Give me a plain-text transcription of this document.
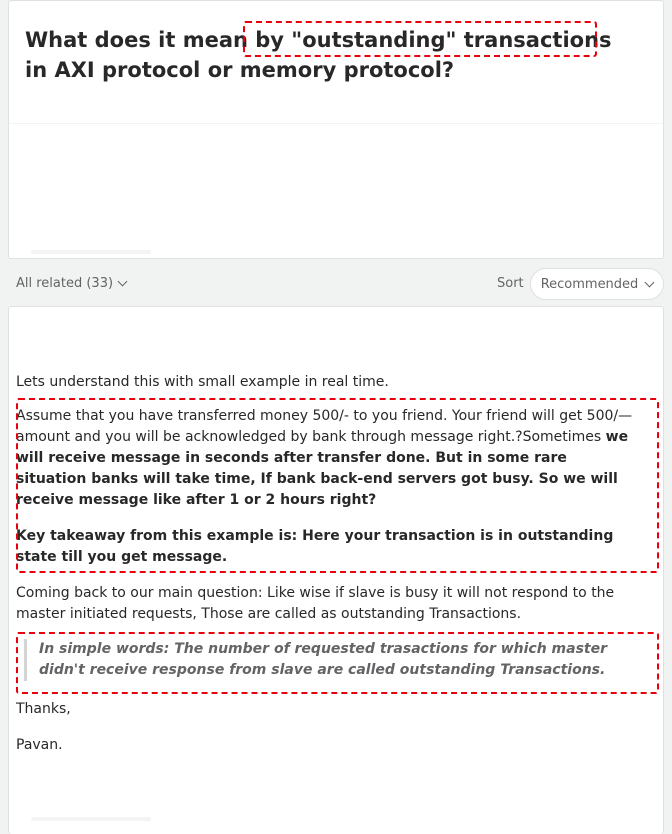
What does it mean by "outstanding" transactions in AXI protocol or memory protocol?
All related (33)	Sort Recommended

Lets understand this with small example in real time.

Assume that you have transferred money 500/- to you friend. Your friend will get 500/— amount and you will be acknowledged by bank through message right.?Sometimes we will receive message in seconds after transfer done. But in some rare situation banks will take time, If bank back-end servers got busy. So we will receive message like after 1 or 2 hours right?

Key takeaway from this example is: Here your transaction is in outstanding state till you get message.

Coming back to our main question: Like wise if slave is busy it will not respond to the master initiated requests, Those are called as outstanding Transactions.

In simple words: The number of requested trasactions for which master didn't receive response from slave are called outstanding Transactions.

Thanks,

Pavan.
